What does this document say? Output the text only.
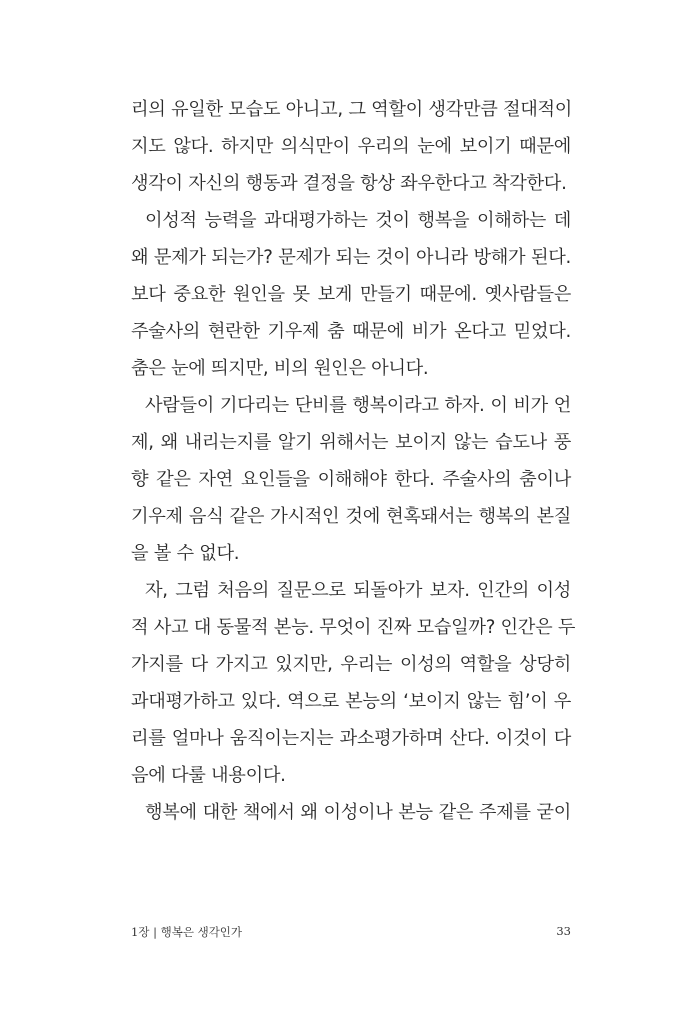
리의 유일한 모습도 아니고, 그 역할이 생각만큼 절대적이
지도 않다. 하지만 의식만이 우리의 눈에 보이기 때문에
생각이 자신의 행동과 결정을 항상 좌우한다고 착각한다.
이성적 능력을 과대평가하는 것이 행복을 이해하는 데
왜 문제가 되는가? 문제가 되는 것이 아니라 방해가 된다.
보다 중요한 원인을 못 보게 만들기 때문에. 옛사람들은
주술사의 현란한 기우제 춤 때문에 비가 온다고 믿었다.
춤은 눈에 띄지만, 비의 원인은 아니다.
사람들이 기다리는 단비를 행복이라고 하자. 이 비가 언
제, 왜 내리는지를 알기 위해서는 보이지 않는 습도나 풍
향 같은 자연 요인들을 이해해야 한다. 주술사의 춤이나
기우제 음식 같은 가시적인 것에 현혹돼서는 행복의 본질
을 볼 수 없다.
자, 그럼 처음의 질문으로 되돌아가 보자. 인간의 이성
적 사고 대 동물적 본능. 무엇이 진짜 모습일까? 인간은 두
가지를 다 가지고 있지만, 우리는 이성의 역할을 상당히
과대평가하고 있다. 역으로 본능의 ‘보이지 않는 힘’이 우
리를 얼마나 움직이는지는 과소평가하며 산다. 이것이 다
음에 다룰 내용이다.
행복에 대한 책에서 왜 이성이나 본능 같은 주제를 굳이
1장 | 행복은 생각인가	33
